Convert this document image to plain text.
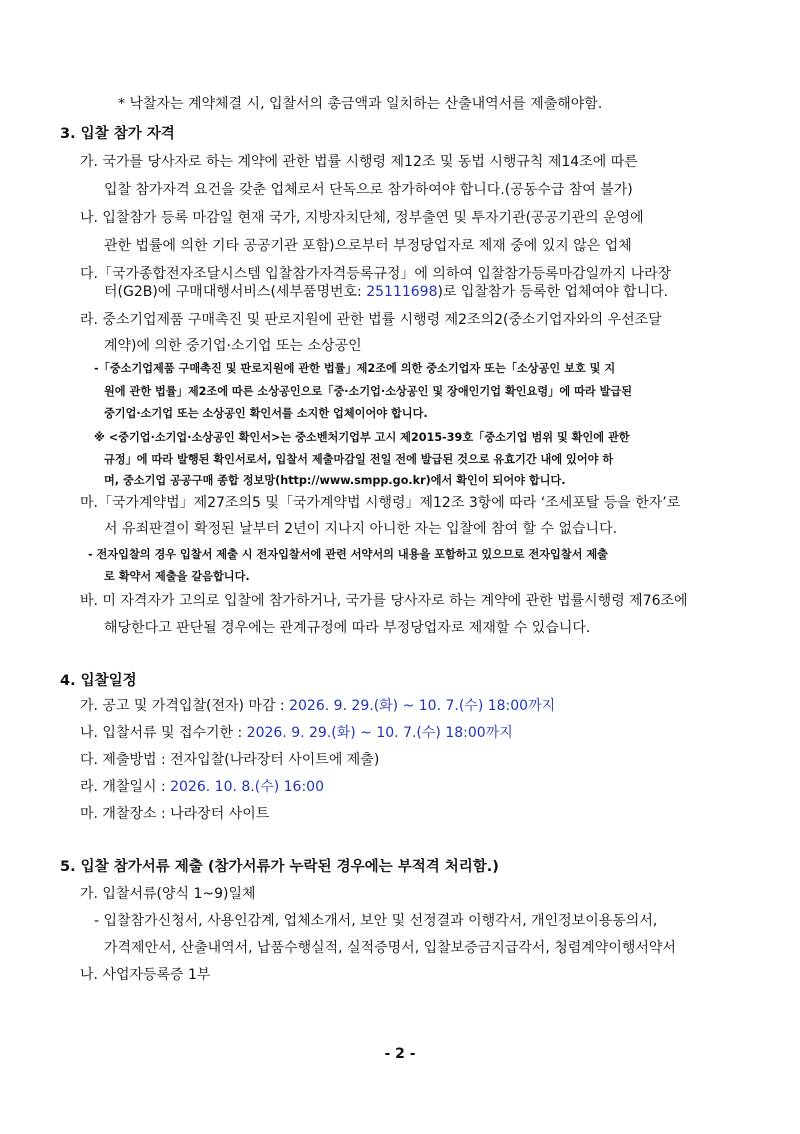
* 낙찰자는 계약체결 시, 입찰서의 총금액과 일치하는 산출내역서를 제출해야함.
3. 입찰 참가 자격
가. 국가를 당사자로 하는 계약에 관한 법률 시행령 제12조 및 동법 시행규칙 제14조에 따른
입찰 참가자격 요건을 갖춘 업체로서 단독으로 참가하여야 합니다.(공동수급 참여 불가)
나. 입찰참가 등록 마감일 현재 국가, 지방자치단체, 정부출연 및 투자기관(공공기관의 운영에
관한 법률에 의한 기타 공공기관 포함)으로부터 부정당업자로 제재 중에 있지 않은 업체
다.「국가종합전자조달시스템 입찰참가자격등록규정」에 의하여 입찰참가등록마감일까지 나라장
터(G2B)에 구매대행서비스(세부품명번호: 25111698)로 입찰참가 등록한 업체여야 합니다.
라. 중소기업제품 구매촉진 및 판로지원에 관한 법률 시행령 제2조의2(중소기업자와의 우선조달
계약)에 의한 중기업·소기업 또는 소상공인
-「중소기업제품 구매촉진 및 판로지원에 관한 법률」제2조에 의한 중소기업자 또는「소상공인 보호 및 지
원에 관한 법률」제2조에 따른 소상공인으로「중·소기업·소상공인 및 장애인기업 확인요령」에 따라 발급된
중기업·소기업 또는 소상공인 확인서를 소지한 업체이어야 합니다.
※ <중기업·소기업·소상공인 확인서>는 중소벤처기업부 고시 제2015-39호「중소기업 범위 및 확인에 관한
규정」에 따라 발행된 확인서로서, 입찰서 제출마감일 전일 전에 발급된 것으로 유효기간 내에 있어야 하
며, 중소기업 공공구매 종합 정보망(http://www.smpp.go.kr)에서 확인이 되어야 합니다.
마.「국가계약법」제27조의5 및「국가계약법 시행령」제12조 3항에 따라 ‘조세포탈 등을 한자’로
서 유죄판결이 확정된 날부터 2년이 지나지 아니한 자는 입찰에 참여 할 수 없습니다.
- 전자입찰의 경우 입찰서 제출 시 전자입찰서에 관련 서약서의 내용을 포함하고 있으므로 전자입찰서 제출
로 확약서 제출을 갈음합니다.
바. 미 자격자가 고의로 입찰에 참가하거나, 국가를 당사자로 하는 계약에 관한 법률시행령 제76조에
해당한다고 판단될 경우에는 관계규정에 따라 부정당업자로 제재할 수 있습니다.
4. 입찰일정
가. 공고 및 가격입찰(전자) 마감 : 2026. 9. 29.(화) ~ 10. 7.(수) 18:00까지
나. 입찰서류 및 접수기한 : 2026. 9. 29.(화) ~ 10. 7.(수) 18:00까지
다. 제출방법 : 전자입찰(나라장터 사이트에 제출)
라. 개찰일시 : 2026. 10. 8.(수) 16:00
마. 개찰장소 : 나라장터 사이트
5. 입찰 참가서류 제출 (참가서류가 누락된 경우에는 부적격 처리함.)
가. 입찰서류(양식 1~9)일체
- 입찰참가신청서, 사용인감계, 업체소개서, 보안 및 선정결과 이행각서, 개인정보이용동의서,
가격제안서, 산출내역서, 납품수행실적, 실적증명서, 입찰보증금지급각서, 청렴계약이행서약서
나. 사업자등록증 1부
- 2 -
